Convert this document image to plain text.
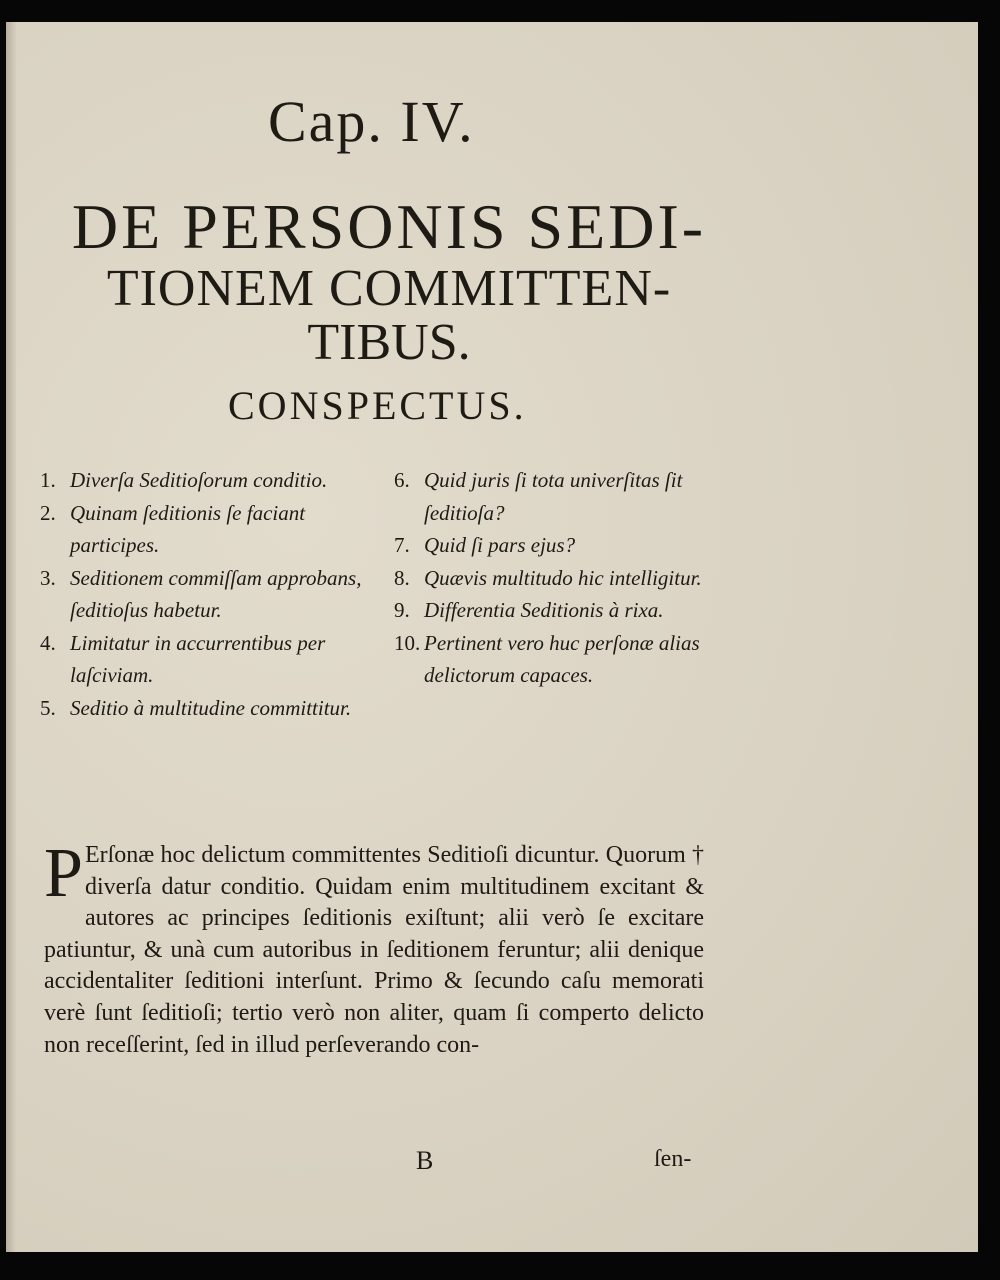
Cap. IV.
DE PERSONIS SEDI-
TIONEM COMMITTEN-
TIBUS.
CONSPECTUS.
1. Diverſa Seditioſorum conditio.
2. Quinam ſeditionis ſe faciant participes.
3. Seditionem commiſſam approbans, ſeditioſus habetur.
4. Limitatur in accurrentibus per laſciviam.
5. Seditio à multitudine committitur.
6. Quid juris ſi tota univerſitas ſit ſeditioſa?
7. Quid ſi pars ejus?
8. Quævis multitudo hic intelligitur.
9. Differentia Seditionis à rixa.
10. Pertinent vero huc perſonæ alias delictorum capaces.
P Erſonæ hoc delictum committentes Seditioſi dicuntur. Quorum † diverſa datur conditio. Quidam enim multitudinem excitant & autores ac principes ſeditionis exiſtunt; alii verò ſe excitare patiuntur, & unà cum autoribus in ſeditionem feruntur; alii denique accidentaliter ſeditioni interſunt. Primo & ſecundo caſu memorati verè ſunt ſeditioſi; tertio verò non aliter, quam ſi comperto delicto non receſſerint, ſed in illud perſeverando con-
B	ſen-
